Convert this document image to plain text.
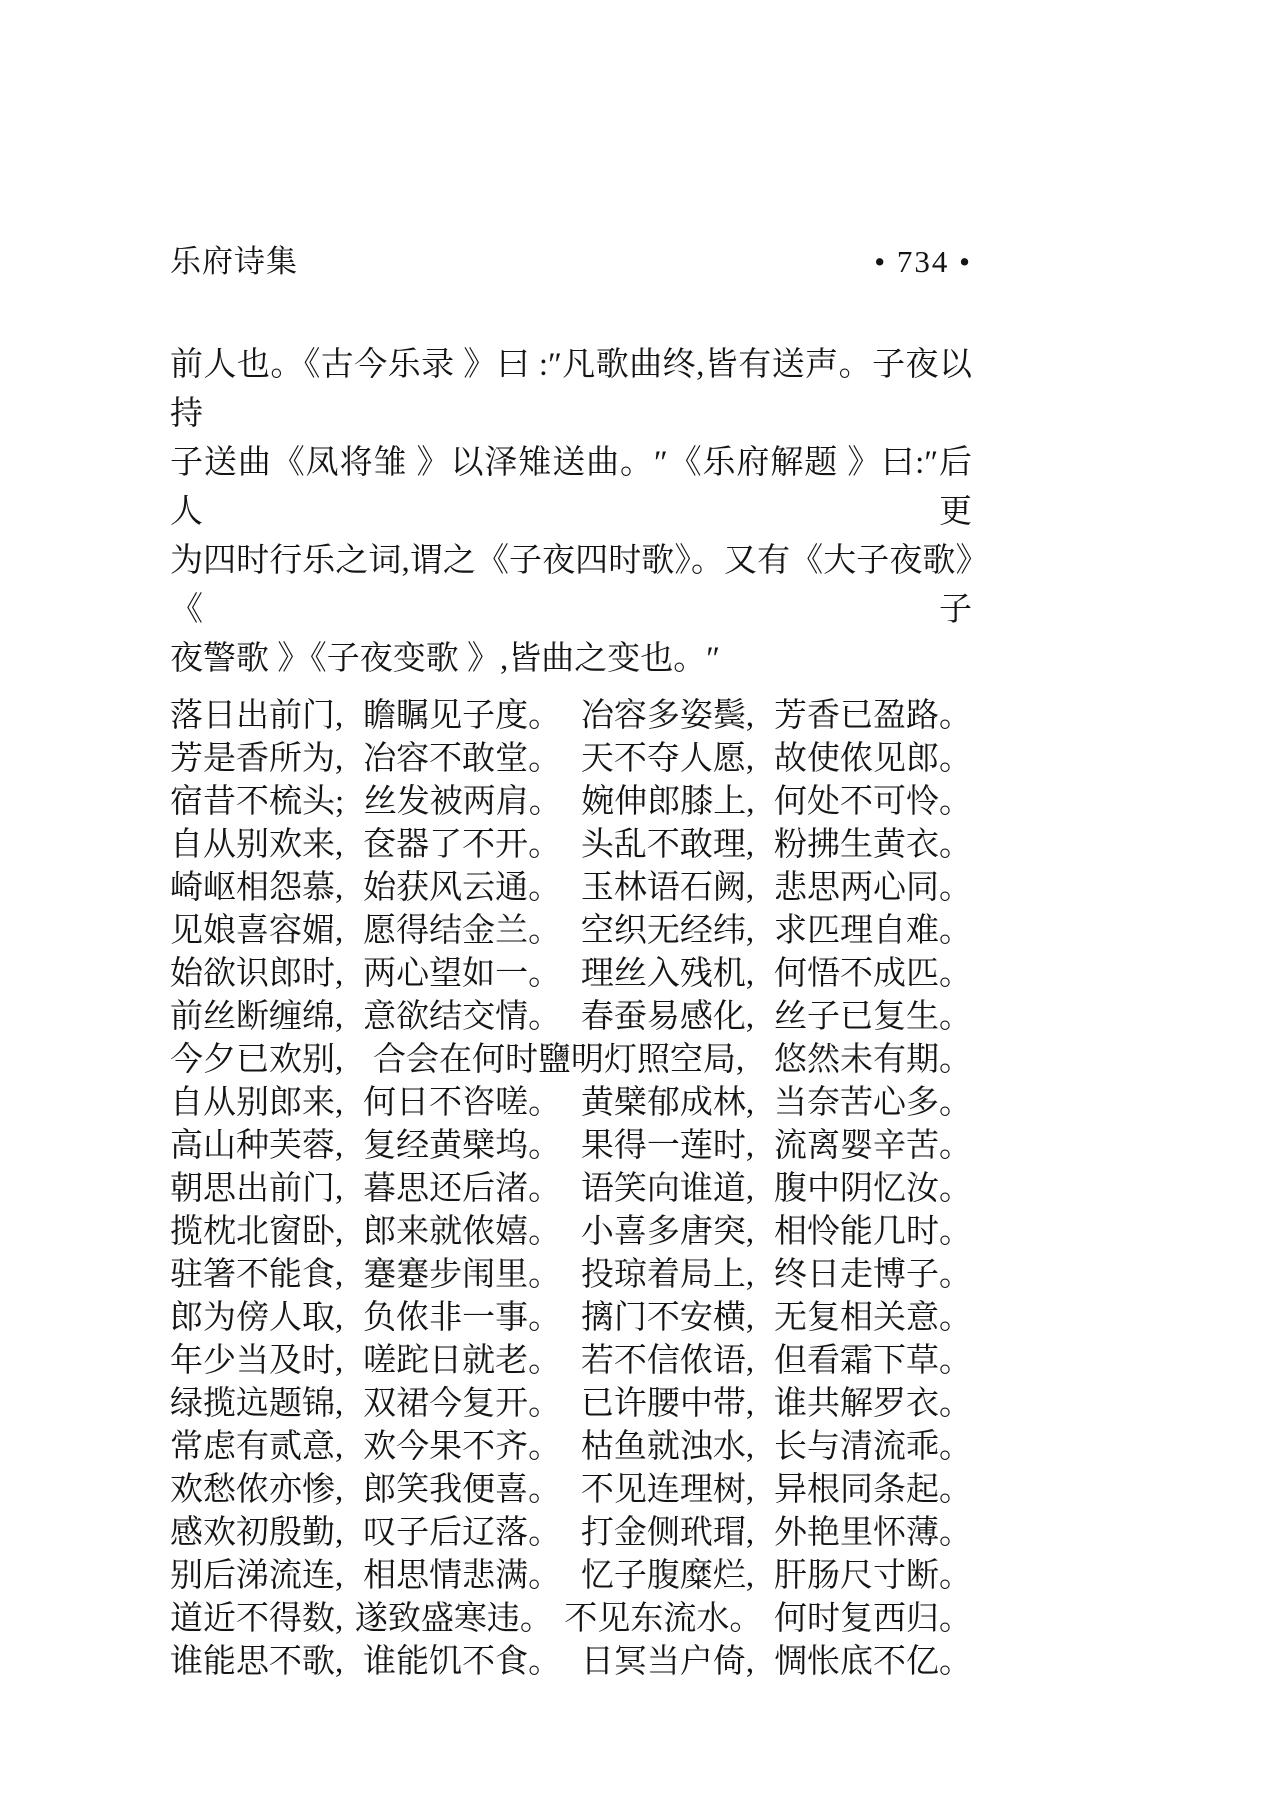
乐府诗集	• 734 •
前人也。《古今乐录 》曰 :″凡歌曲终,皆有送声。子夜以持
子送曲《凤将雏 》以泽雉送曲。″《乐府解题 》曰:″后人更
为四时行乐之词,谓之《子夜四时歌》。又有《大子夜歌》《子
夜警歌 》《子夜变歌 》,皆曲之变也。″
落日出前门, 瞻瞩见子度。 冶容多姿鬓, 芳香已盈路。
芳是香所为, 冶容不敢堂。 天不夺人愿, 故使侬见郎。
宿昔不梳头; 丝发被两肩。 婉伸郎膝上, 何处不可怜。
自从别欢来, 奁器了不开。 头乱不敢理, 粉拂生黄衣。
崎岖相怨慕, 始获风云通。 玉林语石阙, 悲思两心同。
见娘喜容媚, 愿得结金兰。 空织无经纬, 求匹理自难。
始欲识郎时, 两心望如一。 理丝入残机, 何悟不成匹。
前丝断缠绵, 意欲结交情。 春蚕易感化, 丝子已复生。
今夕已欢别, 合会在何时鹽明灯照空局, 悠然未有期。
自从别郎来, 何日不咨嗟。 黄檗郁成林, 当奈苦心多。
高山种芙蓉, 复经黄檗坞。 果得一莲时, 流离婴辛苦。
朝思出前门, 暮思还后渚。 语笑向谁道, 腹中阴忆汝。
揽枕北窗卧, 郎来就侬嬉。 小喜多唐突, 相怜能几时。
驻箸不能食, 蹇蹇步闱里。 投琼着局上, 终日走博子。
郎为傍人取, 负侬非一事。 摛门不安横, 无复相关意。
年少当及时, 嗟跎日就老。 若不信侬语, 但看霜下草。
绿揽迒题锦, 双裙今复开。 已许腰中带, 谁共解罗衣。
常虑有贰意, 欢今果不齐。 枯鱼就浊水, 长与清流乖。
欢愁侬亦惨, 郎笑我便喜。 不见连理树, 异根同条起。
感欢初殷勤, 叹子后辽落。 打金侧玳瑁, 外艳里怀薄。
别后涕流连, 相思情悲满。 忆子腹糜烂, 肝肠尺寸断。
道近不得数, 遂致盛寒违。 不见东流水。 何时复西归。
谁能思不歌, 谁能饥不食。 日冥当户倚, 惆怅底不亿。
